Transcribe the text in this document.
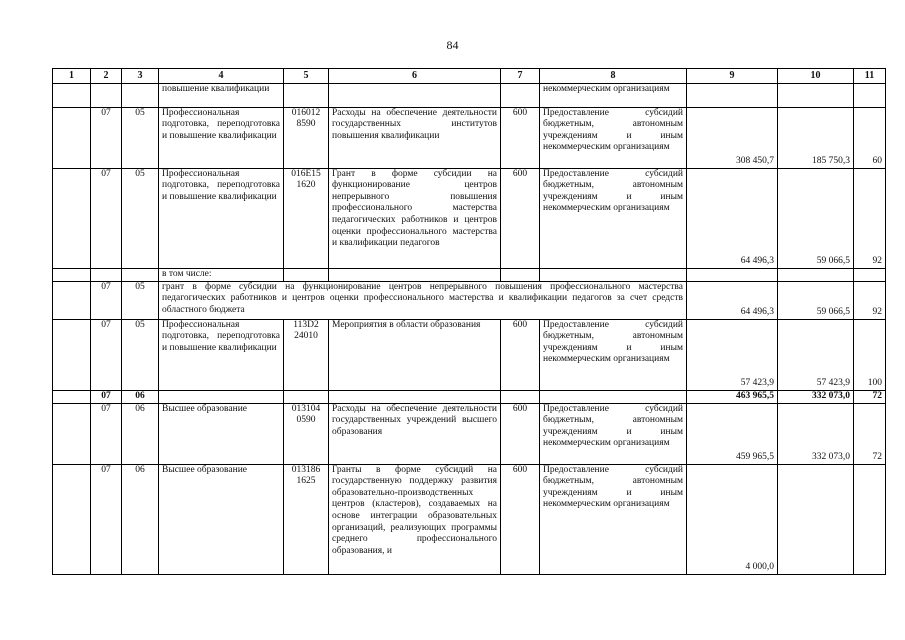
84
1	2	3	4	5	6	7	8	9	10	11
			повышение квалификации				некоммерческим организациям			
	07	05	Профессиональная подготовка, переподготовка и повышение квалификации	016012 8590	Расходы на обеспечение деятельности государственных институтов повышения квалификации	600	Предоставление субсидий бюджетным, автономным учреждениям и иным некоммерческим организациям	308 450,7	185 750,3	60
	07	05	Профессиональная подготовка, переподготовка и повышение квалификации	016E15 1620	Грант в форме субсидии на функционирование центров непрерывного повышения профессионального мастерства педагогических работников и центров оценки профессионального мастерства и квалификации педагогов	600	Предоставление субсидий бюджетным, автономным учреждениям и иным некоммерческим организациям	64 496,3	59 066,5	92
			в том числе:							
	07	05	грант в форме субсидии на функционирование центров непрерывного повышения профессионального мастерства педагогических работников и центров оценки профессионального мастерства и квалификации педагогов за счет средств областного бюджета					64 496,3	59 066,5	92
	07	05	Профессиональная подготовка, переподготовка и повышение квалификации	113D2 24010	Мероприятия в области образования	600	Предоставление субсидий бюджетным, автономным учреждениям и иным некоммерческим организациям	57 423,9	57 423,9	100
	07	06						463 965,5	332 073,0	72
	07	06	Высшее образование	013104 0590	Расходы на обеспечение деятельности государственных учреждений высшего образования	600	Предоставление субсидий бюджетным, автономным учреждениям и иным некоммерческим организациям	459 965,5	332 073,0	72
	07	06	Высшее образование	013186 1625	Гранты в форме субсидий на государственную поддержку развития образовательно-производственных центров (кластеров), создаваемых на основе интеграции образовательных организаций, реализующих программы среднего профессионального образования, и	600	Предоставление субсидий бюджетным, автономным учреждениям и иным некоммерческим организациям	4 000,0		
